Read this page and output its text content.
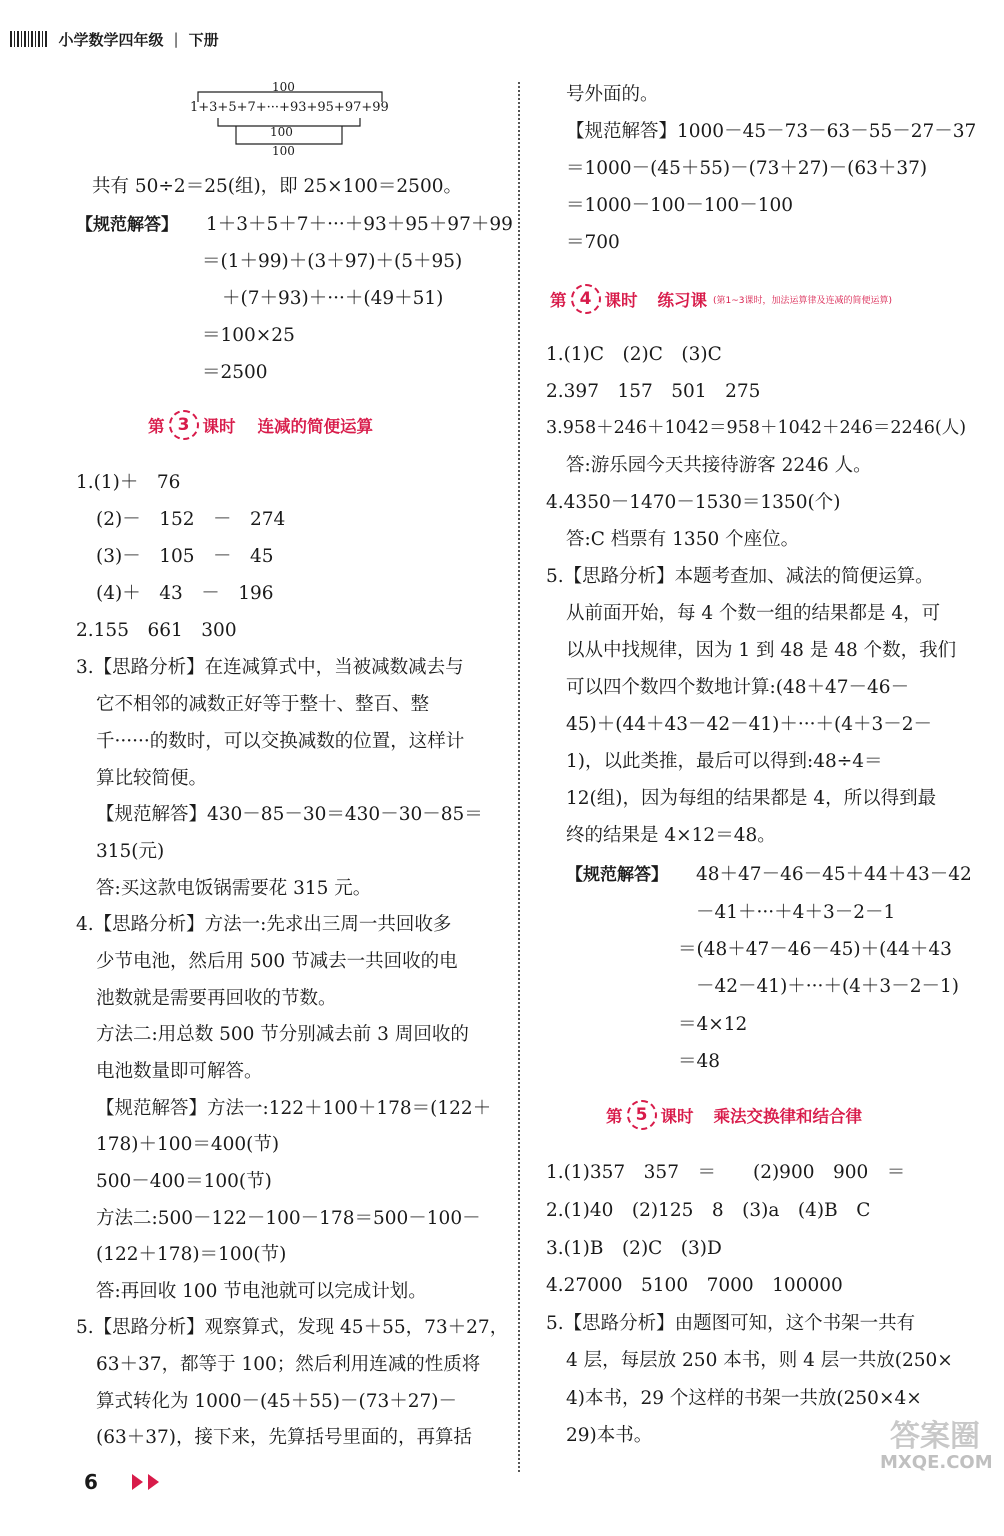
小学数学四年级 | 下册
100
1+3+5+7+···+93+95+97+99
100
100
共有 50÷2＝25(组)，即 25×100＝2500。
【规范解答】 1＋3＋5＋7＋···＋93＋95＋97＋99
＝(1＋99)＋(3＋97)＋(5＋95)
＋(7＋93)＋···＋(49＋51)
＝100×25
＝2500
第 3 课时 连减的简便运算
1.(1)＋　76
(2)－　152　－　274
(3)－　105　－　45
(4)＋　43　－　196
2.155　661　300
3.【思路分析】在连减算式中，当被减数减去与
它不相邻的减数正好等于整十、整百、整
千······的数时，可以交换减数的位置，这样计
算比较简便。
【规范解答】430－85－30＝430－30－85＝
315(元)
答:买这款电饭锅需要花 315 元。
4.【思路分析】方法一:先求出三周一共回收多
少节电池，然后用 500 节减去一共回收的电
池数就是需要再回收的节数。
方法二:用总数 500 节分别减去前 3 周回收的
电池数量即可解答。
【规范解答】方法一:122＋100＋178＝(122＋
178)＋100＝400(节)
500－400＝100(节)
方法二:500－122－100－178＝500－100－
(122＋178)＝100(节)
答:再回收 100 节电池就可以完成计划。
5.【思路分析】观察算式，发现 45＋55，73＋27，
63＋37，都等于 100；然后利用连减的性质将
算式转化为 1000－(45＋55)－(73＋27)－
(63＋37)，接下来，先算括号里面的，再算括
号外面的。
【规范解答】1000－45－73－63－55－27－37
＝1000－(45＋55)－(73＋27)－(63＋37)
＝1000－100－100－100
＝700
第 4 课时 练习课 (第1~3课时，加法运算律及连减的简便运算)
1.(1)C　(2)C　(3)C
2.397　157　501　275
3.958＋246＋1042＝958＋1042＋246＝2246(人)
答:游乐园今天共接待游客 2246 人。
4.4350－1470－1530＝1350(个)
答:C 档票有 1350 个座位。
5.【思路分析】本题考查加、减法的简便运算。
从前面开始，每 4 个数一组的结果都是 4，可
以从中找规律，因为 1 到 48 是 48 个数，我们
可以四个数四个数地计算:(48＋47－46－
45)＋(44＋43－42－41)＋···＋(4＋3－2－
1)，以此类推，最后可以得到:48÷4＝
12(组)，因为每组的结果都是 4，所以得到最
终的结果是 4×12＝48。
【规范解答】 48＋47－46－45＋44＋43－42
－41＋···＋4＋3－2－1
＝(48＋47－46－45)＋(44＋43
－42－41)＋···＋(4＋3－2－1)
＝4×12
＝48
第 5 课时 乘法交换律和结合律
1.(1)357　357　＝　　(2)900　900　＝
2.(1)40　(2)125　8　(3)a　(4)B　C
3.(1)B　(2)C　(3)D
4.27000　5100　7000　100000
5.【思路分析】由题图可知，这个书架一共有
4 层，每层放 250 本书，则 4 层一共放(250×
4)本书，29 个这样的书架一共放(250×4×
29)本书。
6
答案圈
MXQE.COM
